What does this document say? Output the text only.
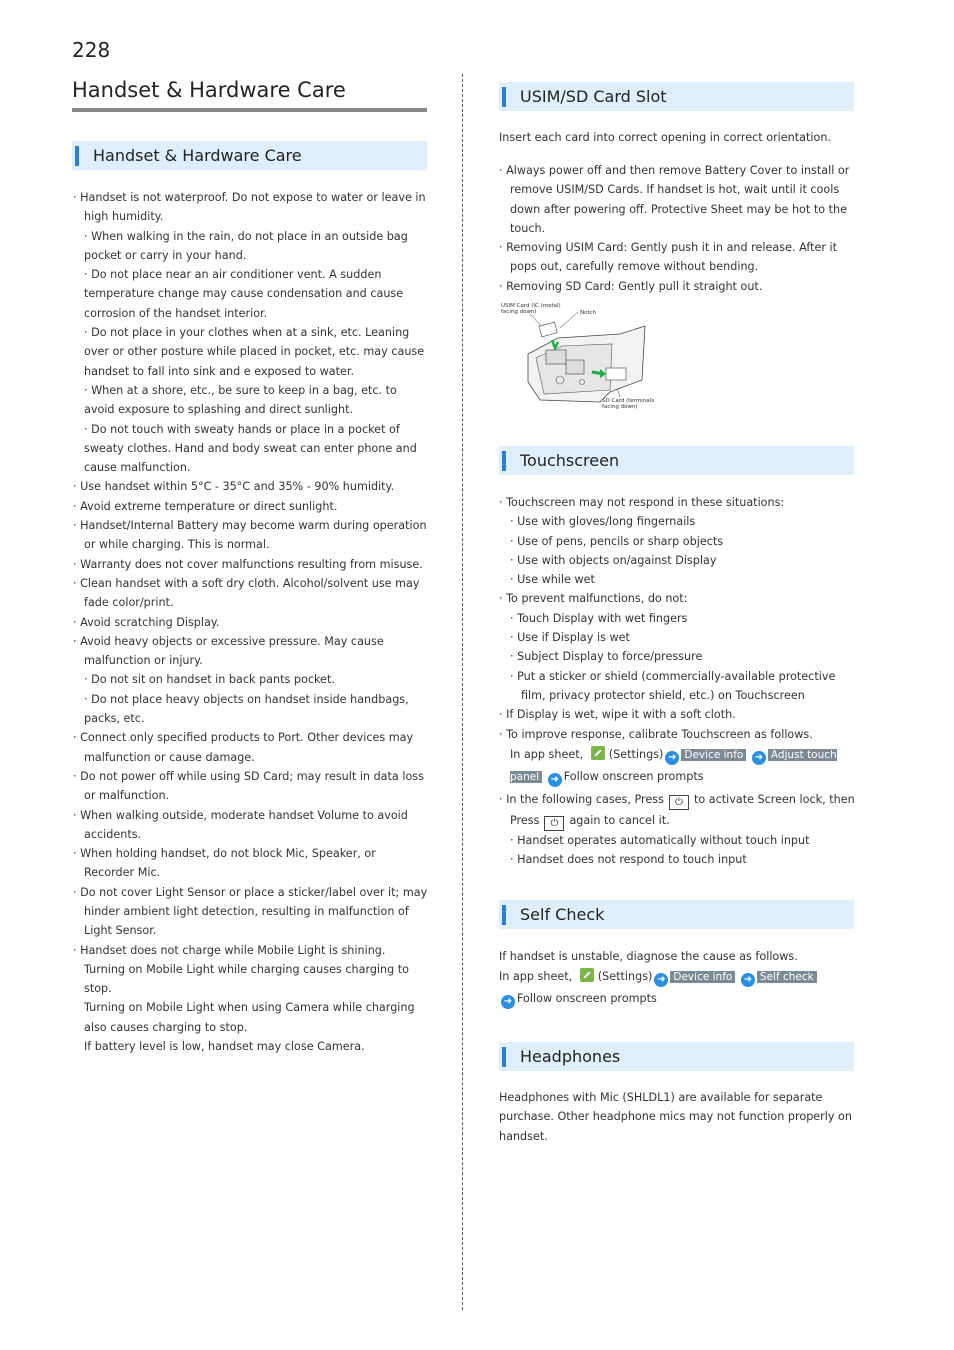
228
Handset & Hardware Care
Handset & Hardware Care

· Handset is not waterproof. Do not expose to water or leave in high humidity.

· When walking in the rain, do not place in an outside bag pocket or carry in your hand.

· Do not place near an air conditioner vent. A sudden temperature change may cause condensation and cause corrosion of the handset interior.

· Do not place in your clothes when at a sink, etc. Leaning over or other posture while placed in pocket, etc. may cause handset to fall into sink and e exposed to water.

· When at a shore, etc., be sure to keep in a bag, etc. to avoid exposure to splashing and direct sunlight.

· Do not touch with sweaty hands or place in a pocket of sweaty clothes. Hand and body sweat can enter phone and cause malfunction.

· Use handset within 5°C - 35°C and 35% - 90% humidity.

· Avoid extreme temperature or direct sunlight.

· Handset/Internal Battery may become warm during operation or while charging. This is normal.

· Warranty does not cover malfunctions resulting from misuse.

· Clean handset with a soft dry cloth. Alcohol/solvent use may fade color/print.

· Avoid scratching Display.

· Avoid heavy objects or excessive pressure. May cause malfunction or injury.

· Do not sit on handset in back pants pocket.

· Do not place heavy objects on handset inside handbags, packs, etc.

· Connect only specified products to Port. Other devices may malfunction or cause damage.

· Do not power off while using SD Card; may result in data loss or malfunction.

· When walking outside, moderate handset Volume to avoid accidents.

· When holding handset, do not block Mic, Speaker, or Recorder Mic.

· Do not cover Light Sensor or place a sticker/label over it; may hinder ambient light detection, resulting in malfunction of Light Sensor.

· Handset does not charge while Mobile Light is shining.

Turning on Mobile Light while charging causes charging to stop.

Turning on Mobile Light when using Camera while charging also causes charging to stop.

If battery level is low, handset may close Camera.

USIM/SD Card Slot
Insert each card into correct opening in correct orientation.

· Always power off and then remove Battery Cover to install or remove USIM/SD Cards. If handset is hot, wait until it cools down after powering off. Protective Sheet may be hot to the touch.

· Removing USIM Card: Gently push it in and release. After it pops out, carefully remove without bending.

· Removing SD Card: Gently pull it straight out.

USIM Card (IC (metal)
facing down)	Notch
SD Card (terminals
facing down)
Touchscreen

· Touchscreen may not respond in these situations:

· Use with gloves/long fingernails

· Use of pens, pencils or sharp objects

· Use with objects on/against Display

· Use while wet

· To prevent malfunctions, do not:

· Touch Display with wet fingers

· Use if Display is wet

· Subject Display to force/pressure

· Put a sticker or shield (commercially-available protective film, privacy protector shield, etc.) on Touchscreen

· If Display is wet, wipe it with a soft cloth.

· To improve response, calibrate Touchscreen as follows.

In app sheet, (Settings) ➜ Device info ➜ Adjust touch panel ➜ Follow onscreen prompts

· In the following cases, Press ⏻ to activate Screen lock, then Press ⏻ again to cancel it.

· Handset operates automatically without touch input

· Handset does not respond to touch input

Self Check

If handset is unstable, diagnose the cause as follows.

In app sheet, (Settings) ➜ Device info ➜ Self check
➜ Follow onscreen prompts

Headphones
Headphones with Mic (SHLDL1) are available for separate purchase. Other headphone mics may not function properly on handset.
